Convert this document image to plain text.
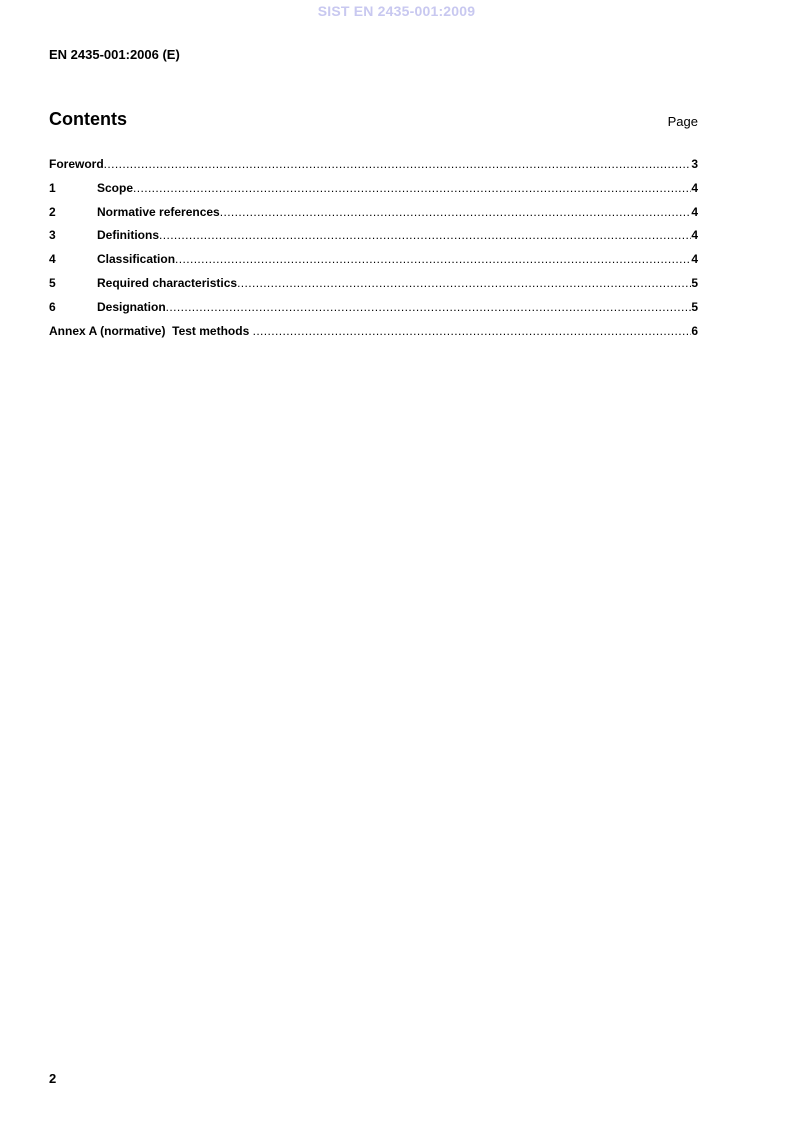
SIST EN 2435-001:2009
EN 2435-001:2006 (E)
Contents	Page
Foreword .....	3
1	Scope .....	4
2	Normative references .....	4
3	Definitions .....	4
4	Classification .....	4
5	Required characteristics .....	5
6	Designation .....	5
Annex A (normative)  Test methods .....	6
2
